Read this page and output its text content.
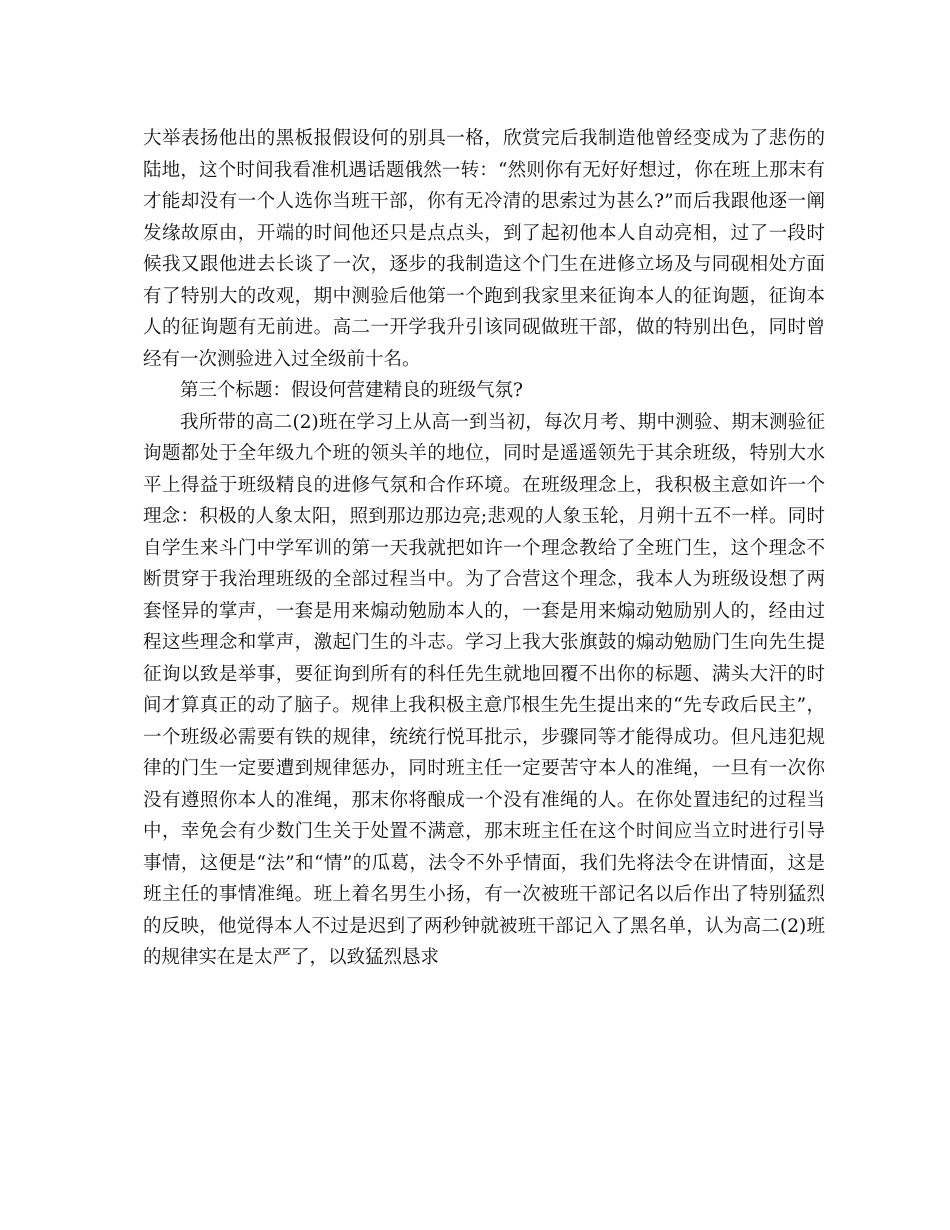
大举表扬他出的黑板报假设何的别具一格，欣赏完后我制造他曾经变成为了悲伤的陆地，这个时间我看准机遇话题俄然一转：“然则你有无好好想过，你在班上那末有才能却没有一个人选你当班干部，你有无冷清的思索过为甚么?”而后我跟他逐一阐发缘故原由，开端的时间他还只是点点头，到了起初他本人自动亮相，过了一段时候我又跟他进去长谈了一次，逐步的我制造这个门生在进修立场及与同砚相处方面有了特别大的改观，期中测验后他第一个跑到我家里来征询本人的征询题，征询本人的征询题有无前进。高二一开学我升引该同砚做班干部，做的特别出色，同时曾经有一次测验进入过全级前十名。

第三个标题：假设何营建精良的班级气氛?

我所带的高二(2)班在学习上从高一到当初，每次月考、期中测验、期末测验征询题都处于全年级九个班的领头羊的地位，同时是遥遥领先于其余班级，特别大水平上得益于班级精良的进修气氛和合作环境。在班级理念上，我积极主意如许一个理念：积极的人象太阳，照到那边那边亮;悲观的人象玉轮，月朔十五不一样。同时自学生来斗门中学军训的第一天我就把如许一个理念教给了全班门生，这个理念不断贯穿于我治理班级的全部过程当中。为了合营这个理念，我本人为班级设想了两套怪异的掌声，一套是用来煽动勉励本人的，一套是用来煽动勉励别人的，经由过程这些理念和掌声，激起门生的斗志。学习上我大张旗鼓的煽动勉励门生向先生提征询以致是举事，要征询到所有的科任先生就地回覆不出你的标题、满头大汗的时间才算真正的动了脑子。规律上我积极主意邝根生先生提出来的“先专政后民主”，一个班级必需要有铁的规律，统统行悦耳批示，步骤同等才能得成功。但凡违犯规律的门生一定要遭到规律惩办，同时班主任一定要苦守本人的准绳，一旦有一次你没有遵照你本人的准绳，那末你将酿成一个没有准绳的人。在你处置违纪的过程当中，幸免会有少数门生关于处置不满意，那末班主任在这个时间应当立时进行引导事情，这便是“法”和“情”的瓜葛，法令不外乎情面，我们先将法令在讲情面，这是班主任的事情准绳。班上着名男生小扬，有一次被班干部记名以后作出了特别猛烈的反映，他觉得本人不过是迟到了两秒钟就被班干部记入了黑名单，认为高二(2)班的规律实在是太严了，以致猛烈恳求
